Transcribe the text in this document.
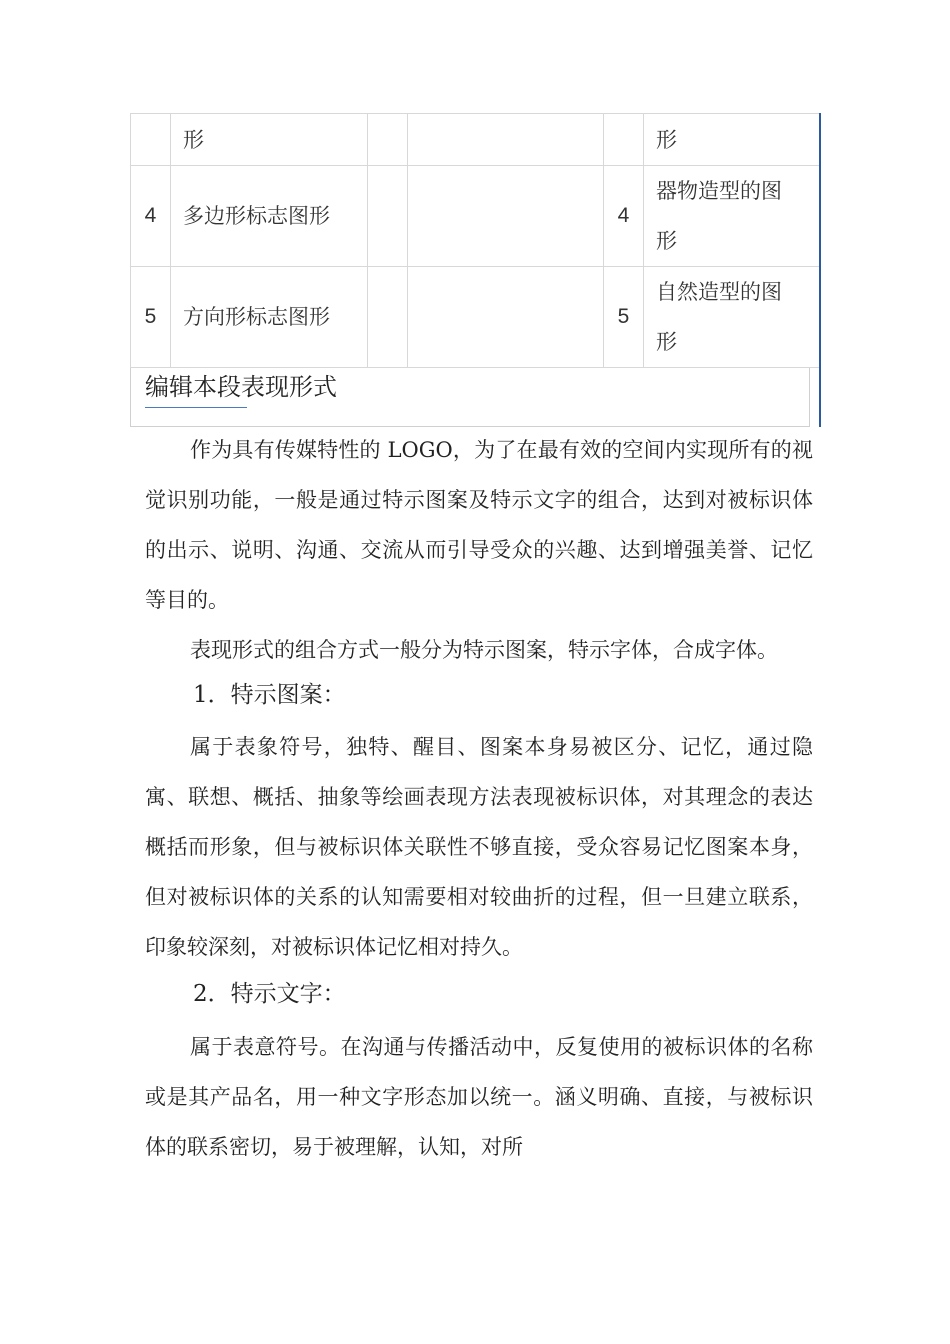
	形				形
4	多边形标志图形			4	器物造型的图形
5	方向形标志图形			5	自然造型的图形
编辑本段表现形式

作为具有传媒特性的 LOGO，为了在最有效的空间内实现所有的视觉识别功能，一般是通过特示图案及特示文字的组合，达到对被标识体的出示、说明、沟通、交流从而引导受众的兴趣、达到增强美誉、记忆等目的。

表现形式的组合方式一般分为特示图案，特示字体，合成字体。

1．特示图案：

属于表象符号，独特、醒目、图案本身易被区分、记忆，通过隐寓、联想、概括、抽象等绘画表现方法表现被标识体，对其理念的表达概括而形象，但与被标识体关联性不够直接，受众容易记忆图案本身，但对被标识体的关系的认知需要相对较曲折的过程，但一旦建立联系，印象较深刻，对被标识体记忆相对持久。

2．特示文字：

属于表意符号。在沟通与传播活动中，反复使用的被标识体的名称或是其产品名，用一种文字形态加以统一。涵义明确、直接，与被标识体的联系密切，易于被理解，认知，对所
